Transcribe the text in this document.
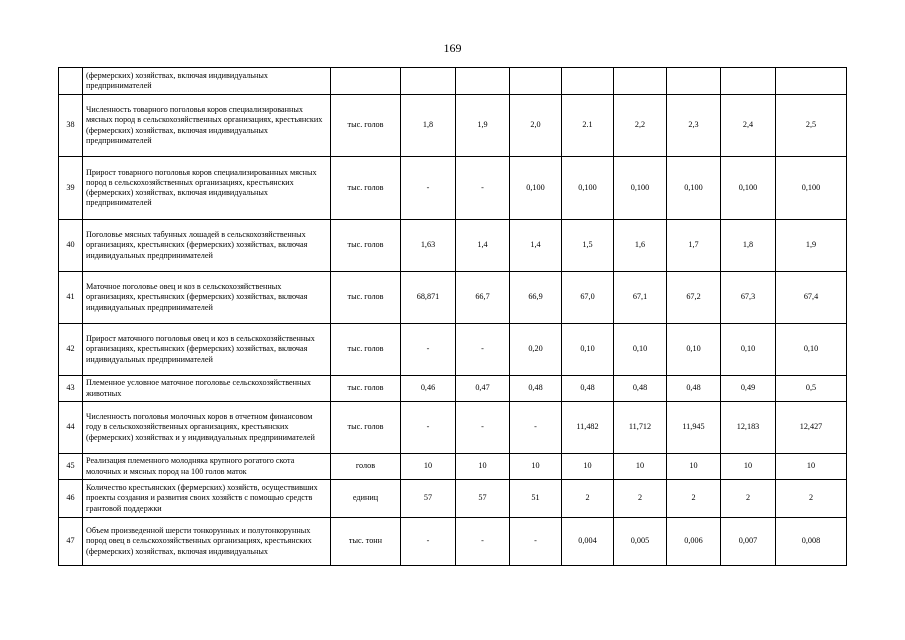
169
	(фермерских) хозяйствах, включая индивидуальных предпринимателей									
38	Численность товарного поголовья коров специализированных мясных пород в сельскохозяйственных организациях, крестьянских (фермерских) хозяйствах, включая индивидуальных предпринимателей	тыс. голов	1,8	1,9	2,0	2.1	2,2	2,3	2,4	2,5
39	Прирост товарного поголовья коров специализированных мясных пород в сельскохозяйственных организациях, крестьянских (фермерских) хозяйствах, включая индивидуальных предпринимателей	тыс. голов	-	-	0,100	0,100	0,100	0,100	0,100	0,100
40	Поголовье мясных табунных лошадей в сельскохозяйственных организациях, крестьянских (фермерских) хозяйствах, включая индивидуальных предпринимателей	тыс. голов	1,63	1,4	1,4	1,5	1,6	1,7	1,8	1,9
41	Маточное поголовье овец и коз в сельскохозяйственных организациях, крестьянских (фермерских) хозяйствах, включая индивидуальных предпринимателей	тыс. голов	68,871	66,7	66,9	67,0	67,1	67,2	67,3	67,4
42	Прирост маточного поголовья овец и коз в сельскохозяйственных организациях, крестьянских (фермерских) хозяйствах, включая индивидуальных предпринимателей	тыс. голов	-	-	0,20	0,10	0,10	0,10	0,10	0,10
43	Племенное условное маточное поголовье сельскохозяйственных животных	тыс. голов	0,46	0,47	0,48	0,48	0,48	0,48	0,49	0,5
44	Численность поголовья молочных коров в отчетном финансовом году в сельскохозяйственных организациях, крестьянских (фермерских) хозяйствах и у индивидуальных предпринимателей	тыс. голов	-	-	-	11,482	11,712	11,945	12,183	12,427
45	Реализация племенного молодняка крупного рогатого скота молочных и мясных пород на 100 голов маток	голов	10	10	10	10	10	10	10	10
46	Количество крестьянских (фермерских) хозяйств, осуществивших проекты создания и развития своих хозяйств с помощью средств грантовой поддержки	единиц	57	57	51	2	2	2	2	2
47	Объем произведенной шерсти тонкорунных и полутонкорунных пород овец в сельскохозяйственных организациях, крестьянских (фермерских) хозяйствах, включая индивидуальных	тыс. тонн	-	-	-	0,004	0,005	0,006	0,007	0,008
